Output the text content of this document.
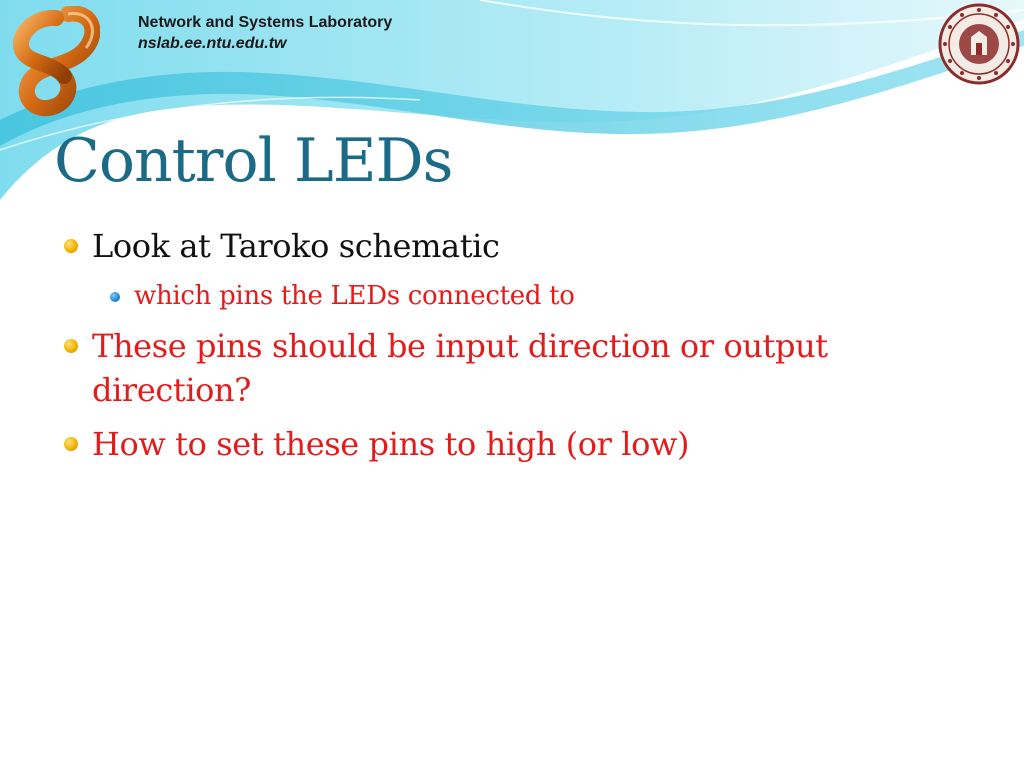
Network and Systems Laboratory
nslab.ee.ntu.edu.tw
Control LEDs
Look at Taroko schematic
which pins the LEDs connected to
These pins should be input direction or output direction?
How to set these pins to high (or low)
